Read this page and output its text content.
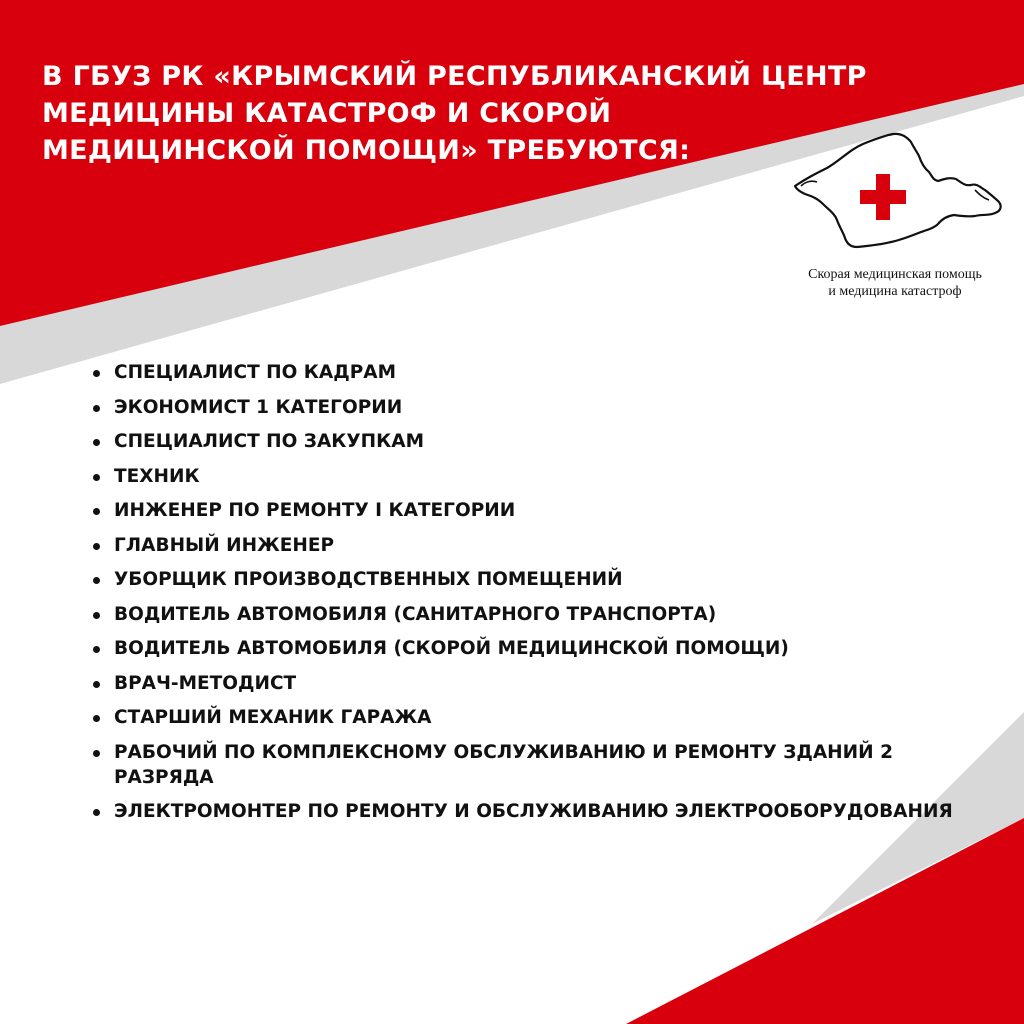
В ГБУЗ РК «КРЫМСКИЙ РЕСПУБЛИКАНСКИЙ ЦЕНТР МЕДИЦИНЫ КАТАСТРОФ И СКОРОЙ МЕДИЦИНСКОЙ ПОМОЩИ» ТРЕБУЮТСЯ:
Скорая медицинская помощь
и медицина катастроф
СПЕЦИАЛИСТ ПО КАДРАМ
ЭКОНОМИСТ 1 КАТЕГОРИИ
СПЕЦИАЛИСТ ПО ЗАКУПКАМ
ТЕХНИК
ИНЖЕНЕР ПО РЕМОНТУ I КАТЕГОРИИ
ГЛАВНЫЙ ИНЖЕНЕР
УБОРЩИК ПРОИЗВОДСТВЕННЫХ ПОМЕЩЕНИЙ
ВОДИТЕЛЬ АВТОМОБИЛЯ (САНИТАРНОГО ТРАНСПОРТА)
ВОДИТЕЛЬ АВТОМОБИЛЯ (СКОРОЙ МЕДИЦИНСКОЙ ПОМОЩИ)
ВРАЧ-МЕТОДИСТ
СТАРШИЙ МЕХАНИК ГАРАЖА
РАБОЧИЙ ПО КОМПЛЕКСНОМУ ОБСЛУЖИВАНИЮ И РЕМОНТУ ЗДАНИЙ 2 РАЗРЯДА
ЭЛЕКТРОМОНТЕР ПО РЕМОНТУ И ОБСЛУЖИВАНИЮ ЭЛЕКТРООБОРУДОВАНИЯ
